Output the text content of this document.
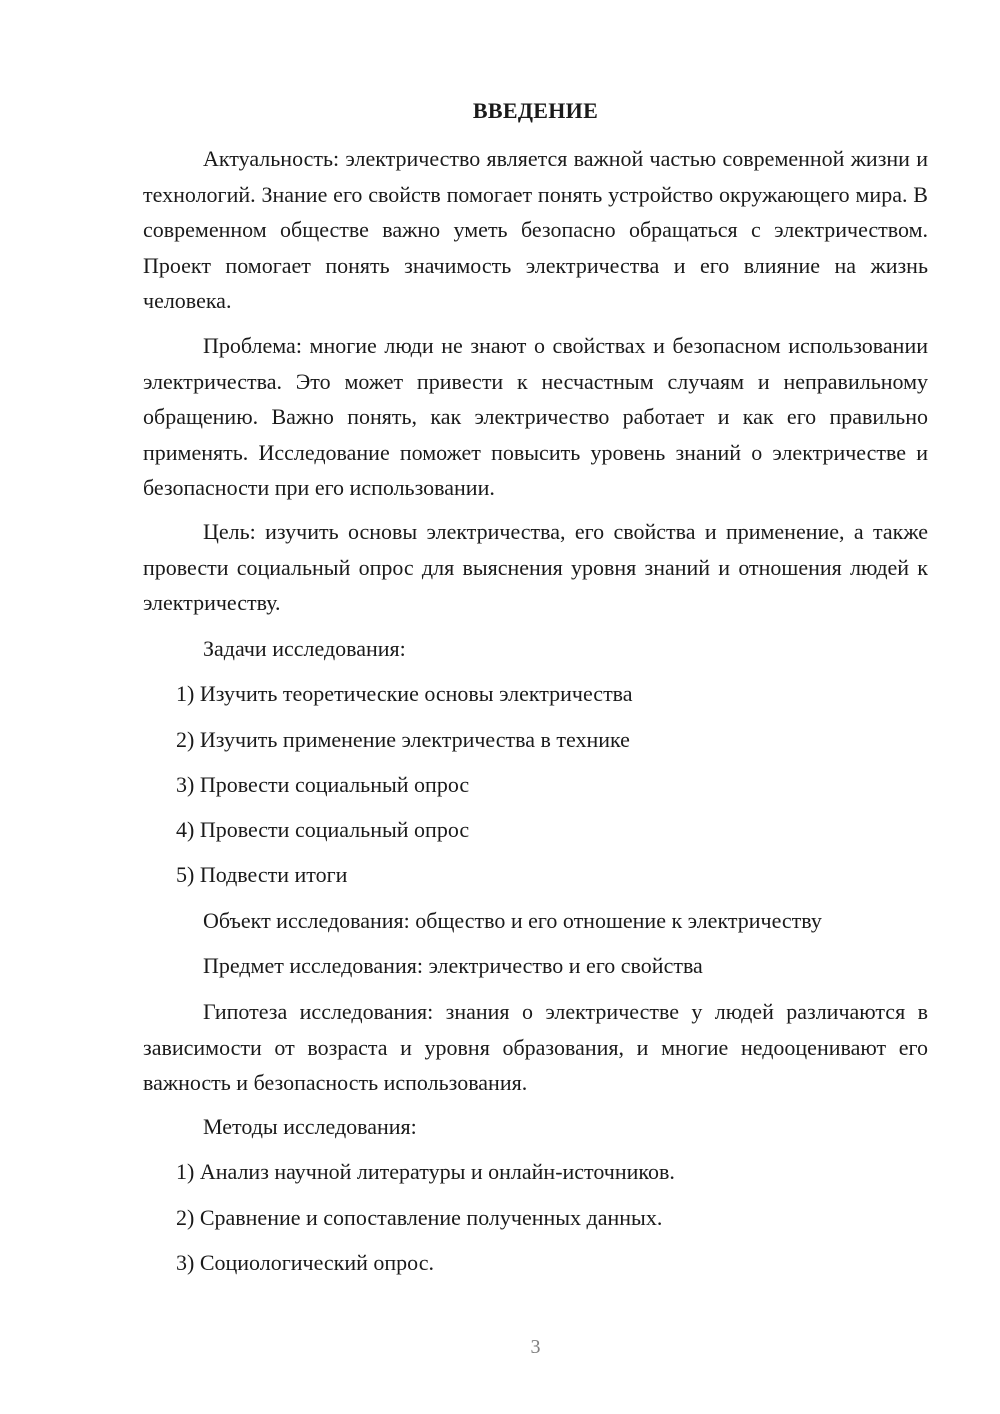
ВВЕДЕНИЕ

Актуальность: электричество является важной частью современной жизни и технологий. Знание его свойств помогает понять устройство окружающего мира. В современном обществе важно уметь безопасно обращаться с электричеством. Проект помогает понять значимость электричества и его влияние на жизнь человека.

Проблема: многие люди не знают о свойствах и безопасном использовании электричества. Это может привести к несчастным случаям и неправильному обращению. Важно понять, как электричество работает и как его правильно применять. Исследование поможет повысить уровень знаний о электричестве и безопасности при его использовании.

Цель: изучить основы электричества, его свойства и применение, а также провести социальный опрос для выяснения уровня знаний и отношения людей к электричеству.

Задачи исследования:

1) Изучить теоретические основы электричества

2) Изучить применение электричества в технике

3) Провести социальный опрос

4) Провести социальный опрос

5) Подвести итоги

Объект исследования: общество и его отношение к электричеству

Предмет исследования: электричество и его свойства

Гипотеза исследования: знания о электричестве у людей различаются в зависимости от возраста и уровня образования, и многие недооценивают его важность и безопасность использования.

Методы исследования:

1) Анализ научной литературы и онлайн-источников.

2) Сравнение и сопоставление полученных данных.

3) Социологический опрос.

3
